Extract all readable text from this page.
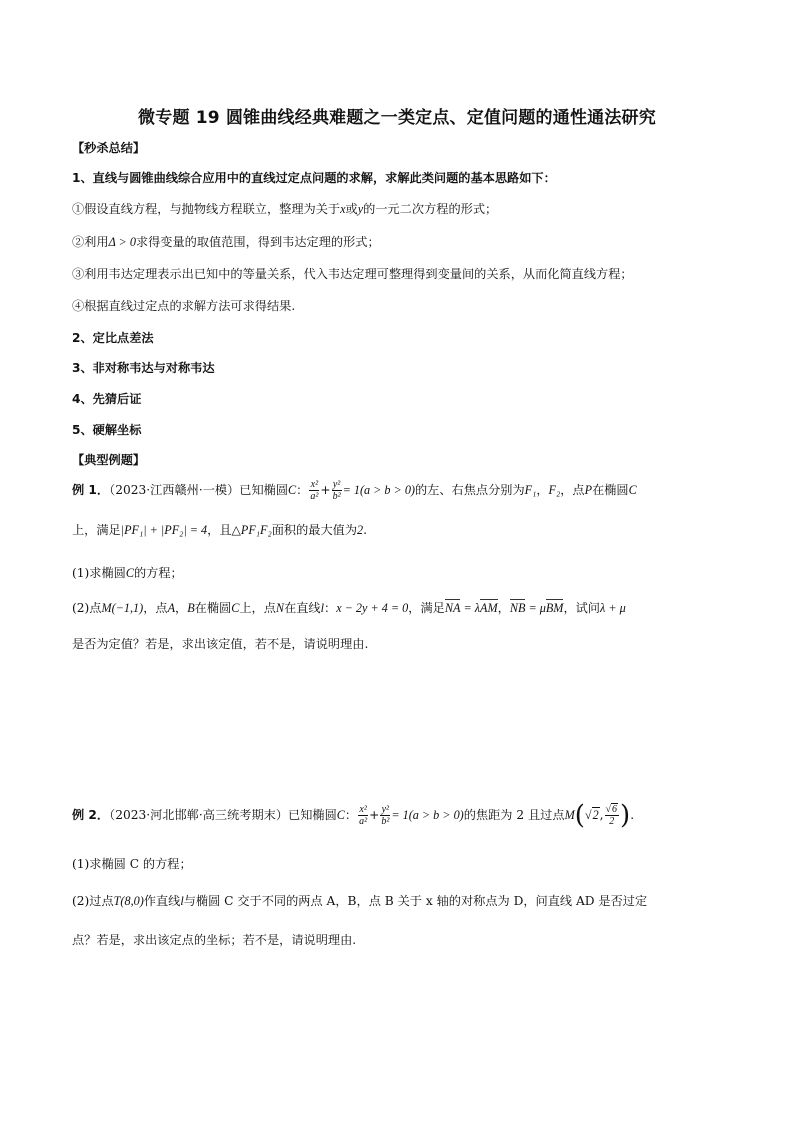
微专题 19 圆锥曲线经典难题之一类定点、定值问题的通性通法研究
【秒杀总结】
1、直线与圆锥曲线综合应用中的直线过定点问题的求解，求解此类问题的基本思路如下：
①假设直线方程，与抛物线方程联立，整理为关于x或y的一元二次方程的形式；
②利用Δ > 0求得变量的取值范围，得到韦达定理的形式；
③利用韦达定理表示出已知中的等量关系，代入韦达定理可整理得到变量间的关系，从而化简直线方程；
④根据直线过定点的求解方法可求得结果.
2、定比点差法
3、非对称韦达与对称韦达
4、先猜后证
5、硬解坐标
【典型例题】
例 1．（2023·江西赣州·一模）已知椭圆C： $\frac{\text{x²}}{\text{a²}} + \frac{\text{y²}}{\text{b²}} = 1(a > b > 0)$的左、右焦点分别为F₁，F₂，点P在椭圆C
上，满足|PF₁| + |PF₂| = 4，且△PF₁F₂面积的最大值为2.
(1)求椭圆C的方程；
(2)点M(−1,1)，点A，B在椭圆C上，点N在直线l：x − 2y + 4 = 0，满足NA = λAM，NB = μBM，试问λ + μ
是否为定值？若是，求出该定值，若不是，请说明理由.
例 2．（2023·河北邯郸·高三统考期末）已知椭圆C： $\frac{\text{x²}}{\text{a²}} + \frac{\text{y²}}{\text{b²}} = 1(a > b > 0)$的焦距为 2 且过点M(√2, $\frac{√6}{2}$ ).
(1)求椭圆 C 的方程；
(2)过点T(8,0)作直线l与椭圆 C 交于不同的两点 A，B，点 B 关于 x 轴的对称点为 D，问直线 AD 是否过定
点？若是，求出该定点的坐标；若不是，请说明理由.
